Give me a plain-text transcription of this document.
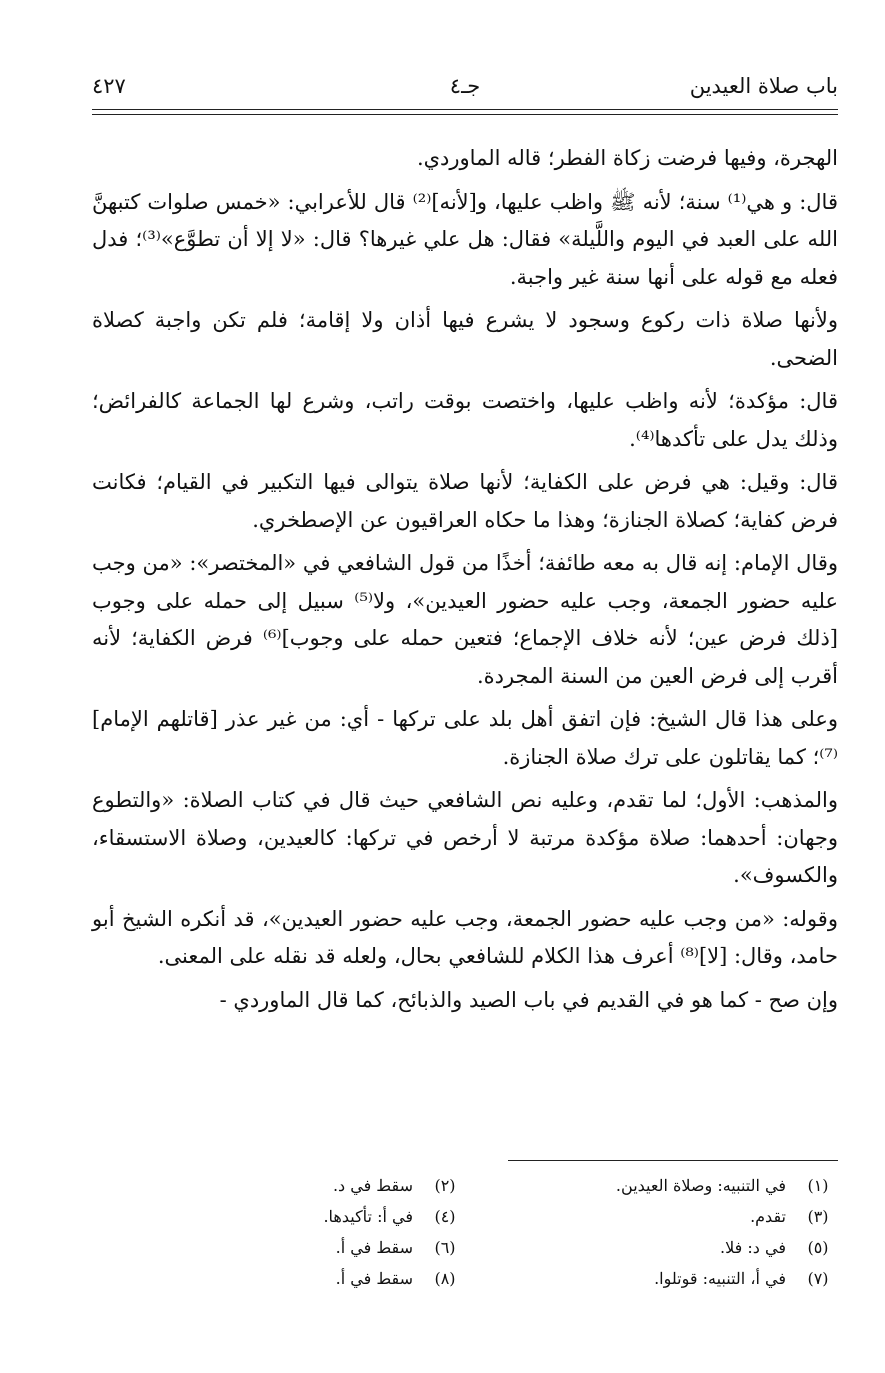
باب صلاة العيدين
جـ٤
٤٢٧

الهجرة، وفيها فرضت زكاة الفطر؛ قاله الماوردي.

قال: و هي⁽¹⁾ سنة؛ لأنه ﷺ واظب عليها، و[لأنه]⁽²⁾ قال للأعرابي: «خمس صلوات كتبهنَّ الله على العبد في اليوم واللَّيلة» فقال: هل علي غيرها؟ قال: «لا إلا أن تطوَّع»⁽³⁾؛ فدل فعله مع قوله على أنها سنة غير واجبة.

ولأنها صلاة ذات ركوع وسجود لا يشرع فيها أذان ولا إقامة؛ فلم تكن واجبة كصلاة الضحى.

قال: مؤكدة؛ لأنه واظب عليها، واختصت بوقت راتب، وشرع لها الجماعة كالفرائض؛ وذلك يدل على تأكدها⁽⁴⁾.

قال: وقيل: هي فرض على الكفاية؛ لأنها صلاة يتوالى فيها التكبير في القيام؛ فكانت فرض كفاية؛ كصلاة الجنازة؛ وهذا ما حكاه العراقيون عن الإصطخري.

وقال الإمام: إنه قال به معه طائفة؛ أخذًا من قول الشافعي في «المختصر»: «من وجب عليه حضور الجمعة، وجب عليه حضور العيدين»، ولا⁽⁵⁾ سبيل إلى حمله على وجوب [ذلك فرض عين؛ لأنه خلاف الإجماع؛ فتعين حمله على وجوب]⁽⁶⁾ فرض الكفاية؛ لأنه أقرب إلى فرض العين من السنة المجردة.

وعلى هذا قال الشيخ: فإن اتفق أهل بلد على تركها - أي: من غير عذر [قاتلهم الإمام]⁽⁷⁾؛ كما يقاتلون على ترك صلاة الجنازة.

والمذهب: الأول؛ لما تقدم، وعليه نص الشافعي حيث قال في كتاب الصلاة: «والتطوع وجهان: أحدهما: صلاة مؤكدة مرتبة لا أرخص في تركها: كالعيدين، وصلاة الاستسقاء، والكسوف».

وقوله: «من وجب عليه حضور الجمعة، وجب عليه حضور العيدين»، قد أنكره الشيخ أبو حامد، وقال: [لا]⁽⁸⁾ أعرف هذا الكلام للشافعي بحال، ولعله قد نقله على المعنى.

وإن صح - كما هو في القديم في باب الصيد والذبائح، كما قال الماوردي -

(١)
في التنبيه: وصلاة العيدين.
(٢)
سقط في د.
(٣)
تقدم.
(٤)
في أ: تأكيدها.
(٥)
في د: فلا.
(٦)
سقط في أ.
(٧)
في أ، التنبيه: قوتلوا.
(٨)
سقط في أ.
